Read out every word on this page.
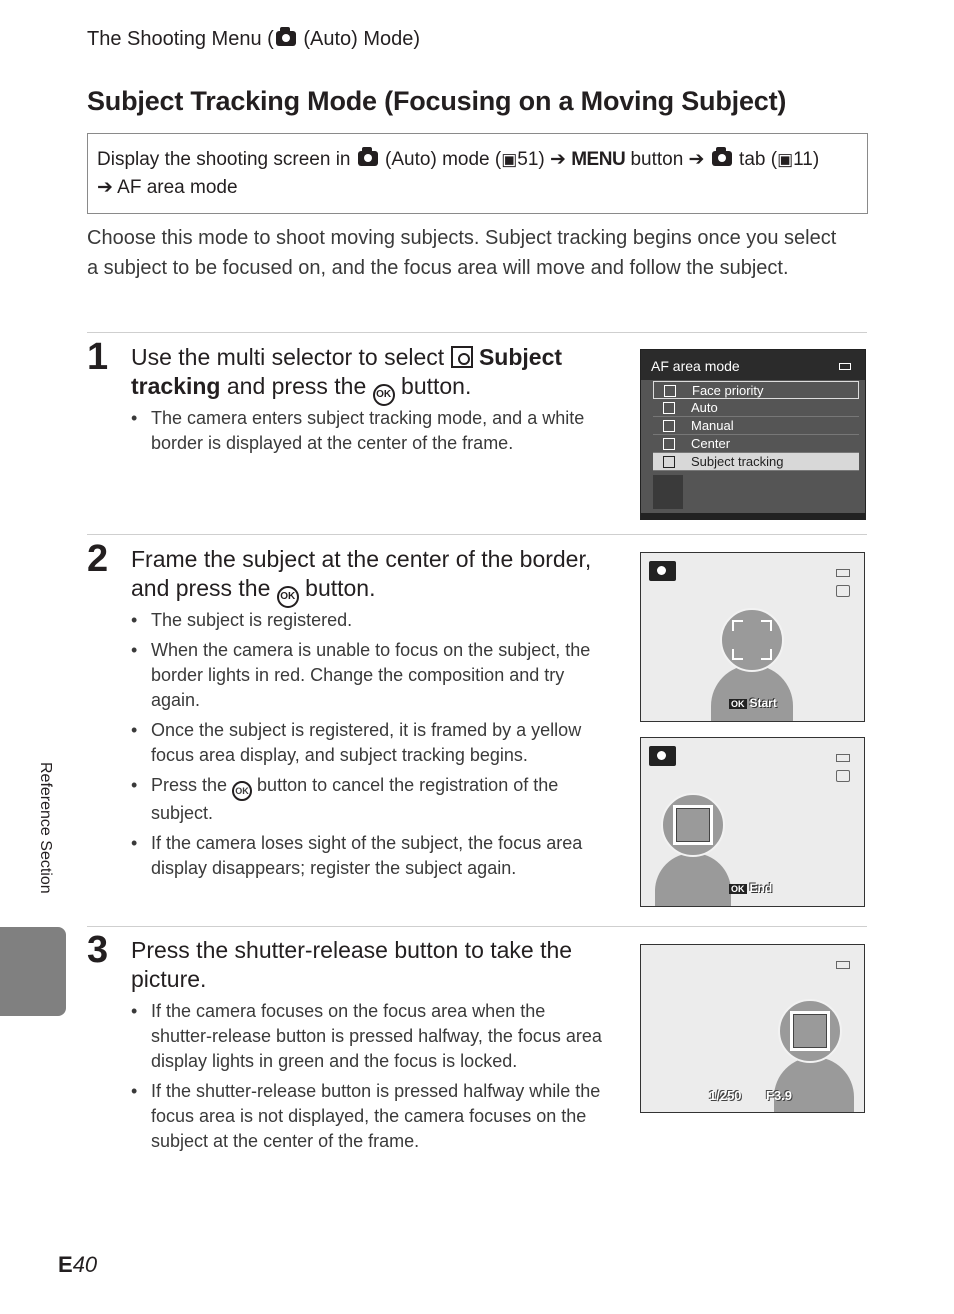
The Shooting Menu ( (Auto) Mode)
Subject Tracking Mode (Focusing on a Moving Subject)
Display the shooting screen in  (Auto) mode (▣51) ➔ MENU button ➔  tab (▣11)
➔ AF area mode

Choose this mode to shoot moving subjects. Subject tracking begins once you select a subject to be focused on, and the focus area will move and follow the subject.

1 Use the multi selector to select  Subject tracking and press the OK button.
• The camera enters subject tracking mode, and a white border is displayed at the center of the frame.
AF area mode
Face priority
Auto
Manual
Center
Subject tracking
2 Frame the subject at the center of the border, and press the OK button.
• The subject is registered.
• When the camera is unable to focus on the subject, the border lights in red. Change the composition and try again.
• Once the subject is registered, it is framed by a yellow focus area display, and subject tracking begins.
• Press the OK button to cancel the registration of the subject.
• If the camera loses sight of the subject, the focus area display disappears; register the subject again.
OK Start
OK End
3 Press the shutter-release button to take the picture.
• If the camera focuses on the focus area when the shutter-release button is pressed halfway, the focus area display lights in green and the focus is locked.
• If the shutter-release button is pressed halfway while the focus area is not displayed, the camera focuses on the subject at the center of the frame.
1/250 F3.9
Reference Section
E40
